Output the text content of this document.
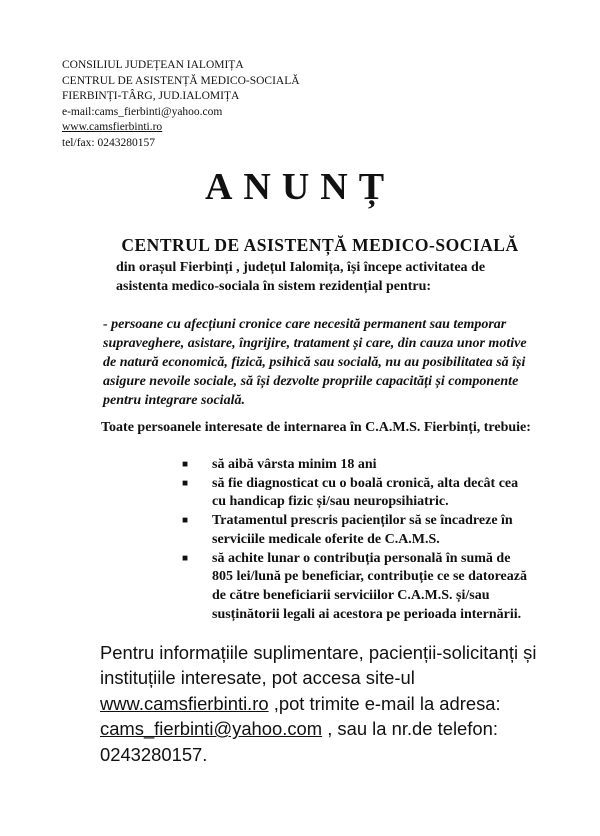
CONSILIUL JUDEȚEAN IALOMIȚA
CENTRUL DE ASISTENȚĂ MEDICO-SOCIALĂ
FIERBINȚI-TÂRG, JUD.IALOMIȚA
e-mail:cams_fierbinti@yahoo.com
www.camsfierbinti.ro
tel/fax: 0243280157
ANUNȚ
CENTRUL DE ASISTENȚĂ MEDICO-SOCIALĂ
din orașul Fierbinți , județul Ialomița, își începe activitatea de asistenta medico-sociala în sistem rezidențial pentru:
- persoane cu afecțiuni cronice care necesită permanent sau temporar supraveghere, asistare, îngrijire, tratament și care, din cauza unor motive de natură economică, fizică, psihică sau socială, nu au posibilitatea să își asigure nevoile sociale, să își dezvolte propriile capacități și componente pentru integrare socială.
Toate persoanele interesate de internarea în C.A.M.S. Fierbinți, trebuie:
■ să aibă vârsta minim 18 ani
■ să fie diagnosticat cu o boală cronică, alta decât cea cu handicap fizic și/sau neuropsihiatric.
■ Tratamentul prescris pacienților să se încadreze în serviciile medicale oferite de C.A.M.S.
■ să achite lunar o contribuția personală în sumă de 805 lei/lună pe beneficiar, contribuție ce se datorează de către beneficiarii serviciilor C.A.M.S. și/sau susținătorii legali ai acestora pe perioada internării.
Pentru informațiile suplimentare, pacienții-solicitanți și instituțiile interesate, pot accesa site-ul www.camsfierbinti.ro ,pot trimite e-mail la adresa: cams_fierbinti@yahoo.com , sau la nr.de telefon: 0243280157.
